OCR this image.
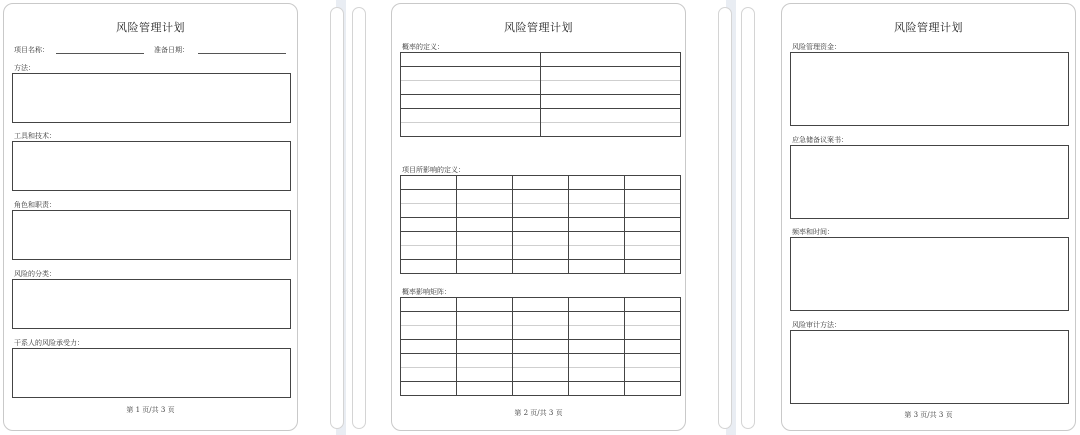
风险管理计划
项目名称：	准备日期：
方法：
工具和技术：
角色和职责：
风险的分类：
干系人的风险承受力：
第 1 页/共 3 页
风险管理计划
概率的定义：

项目所影响的定义：

概率影响矩阵：

第 2 页/共 3 页
风险管理计划
风险管理资金：
应急储备议案书：
频率和时间：
风险审计方法：
第 3 页/共 3 页
